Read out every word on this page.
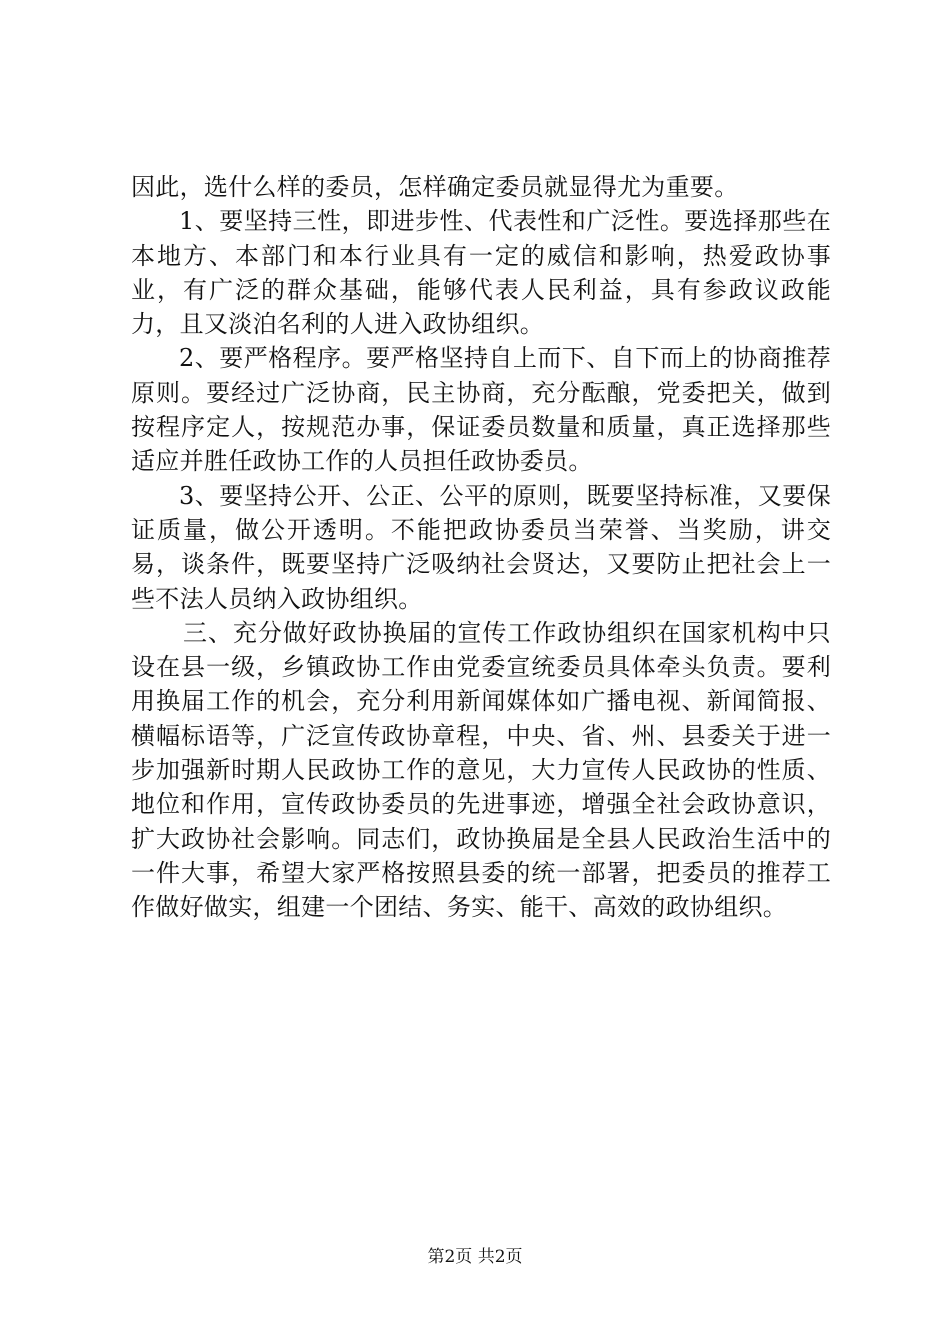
因此，选什么样的委员，怎样确定委员就显得尤为重要。

1、要坚持三性，即进步性、代表性和广泛性。要选择那些在本地方、本部门和本行业具有一定的威信和影响，热爱政协事业，有广泛的群众基础，能够代表人民利益，具有参政议政能力，且又淡泊名利的人进入政协组织。

2、要严格程序。要严格坚持自上而下、自下而上的协商推荐原则。要经过广泛协商，民主协商，充分酝酿，党委把关，做到按程序定人，按规范办事，保证委员数量和质量，真正选择那些适应并胜任政协工作的人员担任政协委员。

3、要坚持公开、公正、公平的原则，既要坚持标准，又要保证质量，做公开透明。不能把政协委员当荣誉、当奖励，讲交易，谈条件，既要坚持广泛吸纳社会贤达，又要防止把社会上一些不法人员纳入政协组织。

三、充分做好政协换届的宣传工作政协组织在国家机构中只设在县一级，乡镇政协工作由党委宣统委员具体牵头负责。要利用换届工作的机会，充分利用新闻媒体如广播电视、新闻简报、横幅标语等，广泛宣传政协章程，中央、省、州、县委关于进一步加强新时期人民政协工作的意见，大力宣传人民政协的性质、地位和作用，宣传政协委员的先进事迹，增强全社会政协意识，扩大政协社会影响。同志们，政协换届是全县人民政治生活中的一件大事，希望大家严格按照县委的统一部署，把委员的推荐工作做好做实，组建一个团结、务实、能干、高效的政协组织。

第2页 共2页
